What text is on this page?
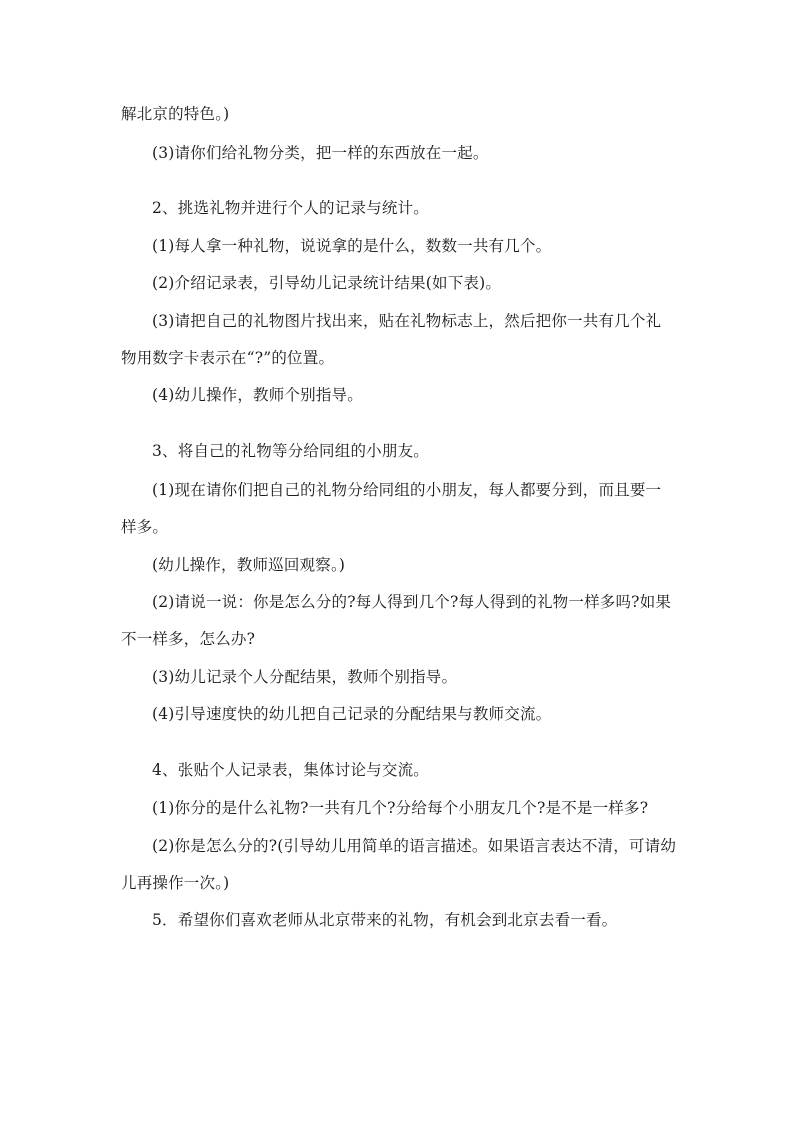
解北京的特色。)
(3)请你们给礼物分类，把一样的东西放在一起。
2、挑选礼物并进行个人的记录与统计。
(1)每人拿一种礼物，说说拿的是什么，数数一共有几个。
(2)介绍记录表，引导幼儿记录统计结果(如下表)。
(3)请把自己的礼物图片找出来，贴在礼物标志上，然后把你一共有几个礼
物用数字卡表示在“?”的位置。
(4)幼儿操作，教师个别指导。
3、将自己的礼物等分给同组的小朋友。
(1)现在请你们把自己的礼物分给同组的小朋友，每人都要分到，而且要一
样多。
(幼儿操作，教师巡回观察。)
(2)请说一说：你是怎么分的?每人得到几个?每人得到的礼物一样多吗?如果
不一样多，怎么办?
(3)幼儿记录个人分配结果，教师个别指导。
(4)引导速度快的幼儿把自己记录的分配结果与教师交流。
4、张贴个人记录表，集体讨论与交流。
(1)你分的是什么礼物?一共有几个?分给每个小朋友几个?是不是一样多?
(2)你是怎么分的?(引导幼儿用简单的语言描述。如果语言表达不清，可请幼
儿再操作一次。)
5．希望你们喜欢老师从北京带来的礼物，有机会到北京去看一看。
